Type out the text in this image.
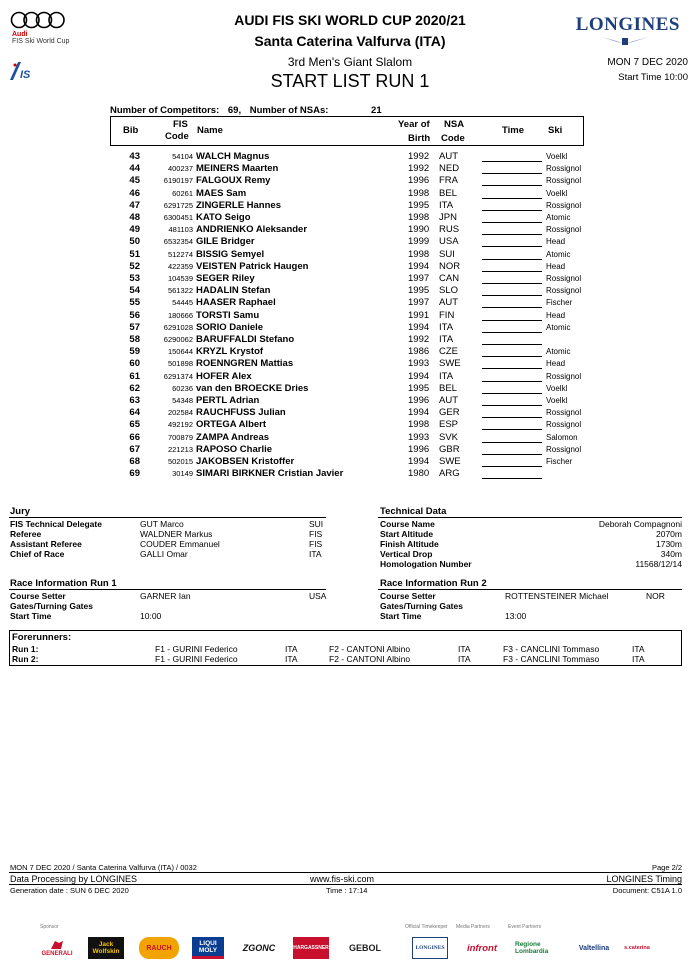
Audi
FIS Ski World Cup
IS
AUDI FIS SKI WORLD CUP 2020/21
Santa Caterina Valfurva (ITA)
3rd Men's Giant Slalom
START LIST RUN 1
LONGINES
MON 7 DEC 2020
Start Time 10:00
Number of Competitors: 69, Number of NSAs:	21
Bib
FIS
Code
Name
Year of
Birth
NSA
Code
Time	Ski
43	54104 WALCH Magnus	1992 AUT	Voelkl
44	400237 MEINERS Maarten	1992 NED	Rossignol
45	6190197 FALGOUX Remy	1996 FRA	Rossignol
46	60261 MAES Sam	1998 BEL	Voelkl
47	6291725 ZINGERLE Hannes	1995 ITA	Rossignol
48	6300451 KATO Seigo	1998 JPN	Atomic
49	481103 ANDRIENKO Aleksander	1990 RUS	Rossignol
50	6532354 GILE Bridger	1999 USA	Head
51	512274 BISSIG Semyel	1998 SUI	Atomic
52	422359 VEISTEN Patrick Haugen	1994 NOR	Head
53	104539 SEGER Riley	1997 CAN	Rossignol
54	561322 HADALIN Stefan	1995 SLO	Rossignol
55	54445 HAASER Raphael	1997 AUT	Fischer
56	180666 TORSTI Samu	1991 FIN	Head
57	6291028 SORIO Daniele	1994 ITA	Atomic
58	6290062 BARUFFALDI Stefano	1992 ITA
59	150644 KRYZL Krystof	1986 CZE	Atomic
60	501898 ROENNGREN Mattias	1993 SWE	Head
61	6291374 HOFER Alex	1994 ITA	Rossignol
62	60236 van den BROECKE Dries	1995 BEL	Voelkl
63	54348 PERTL Adrian	1996 AUT	Voelkl
64	202584 RAUCHFUSS Julian	1994 GER	Rossignol
65	492192 ORTEGA Albert	1998 ESP	Rossignol
66	700879 ZAMPA Andreas	1993 SVK	Salomon
67	221213 RAPOSO Charlie	1996 GBR	Rossignol
68	502015 JAKOBSEN Kristoffer	1994 SWE	Fischer
69	30149 SIMARI BIRKNER Cristian Javier	1980 ARG
Jury
FIS Technical Delegate	GUT Marco	SUI
Referee	WALDNER Markus	FIS
Assistant Referee	COUDER Emmanuel	FIS
Chief of Race	GALLI Omar	ITA
Technical Data
Course Name	Deborah Compagnoni
Start Altitude	2070m
Finish Altitude	1730m
Vertical Drop	340m
Homologation Number	11568/12/14
Race Information Run 1
Course Setter	GARNER Ian	USA
Gates/Turning Gates
Start Time	10:00
Race Information Run 2
Course Setter	ROTTENSTEINER Michael	NOR
Gates/Turning Gates
Start Time	13:00
Forerunners:
Run 1:	F1 - GURINI Federico	ITA	F2 - CANTONI Albino	ITA	F3 - CANCLINI Tommaso	ITA
Run 2:	F1 - GURINI Federico	ITA	F2 - CANTONI Albino	ITA	F3 - CANCLINI Tommaso	ITA
MON 7 DEC 2020 / Santa Caterina Valfurva (ITA) / 0032	Page 2/2
Data Processing by LONGINES	www.fis-ski.com	LONGINES Timing
Generation date : SUN 6 DEC 2020	Time : 17:14	Document: C51A 1.0
Sponsor	Official Timekeeper Media Partners	Event Partners
GENERALI
Jack Wolfskin	RAUCH
LIQUI MOLY	ZGONC	HARGASSNER	GEBOL	LONGINES	infront	Regione Lombardia	Valtellina	s.caterina
